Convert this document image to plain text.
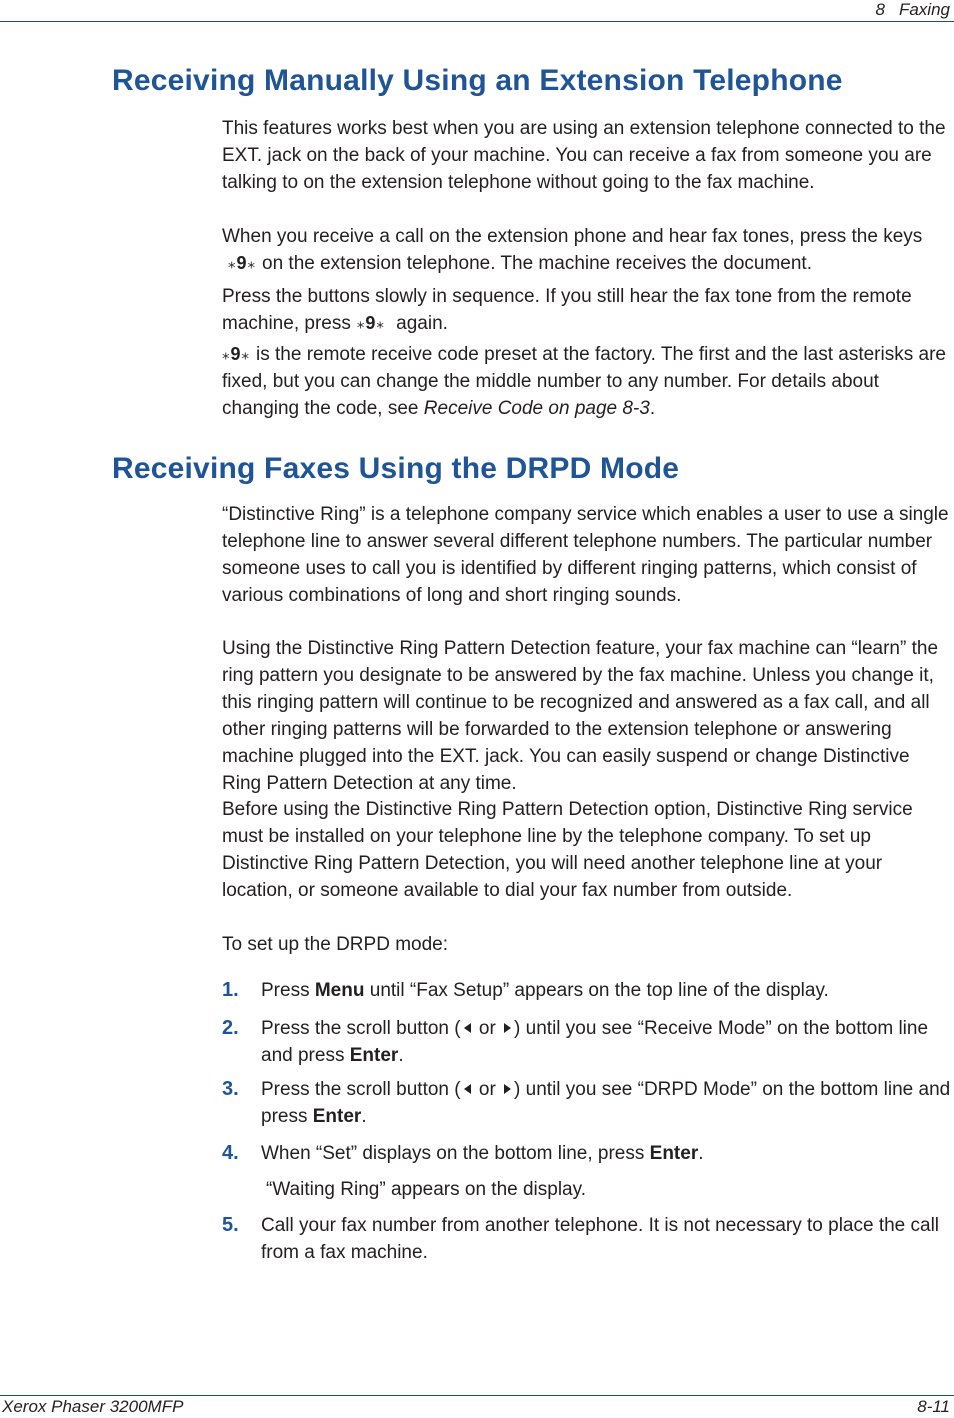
8 Faxing
Receiving Manually Using an Extension Telephone

This features works best when you are using an extension telephone connected to the EXT. jack on the back of your machine. You can receive a fax from someone you are talking to on the extension telephone without going to the fax machine.

When you receive a call on the extension phone and hear fax tones, press the keys⁎9⁎ on the extension telephone. The machine receives the document.

Press the buttons slowly in sequence. If you still hear the fax tone from the remote machine, press ⁎9⁎ again.

⁎9⁎ is the remote receive code preset at the factory. The first and the last asterisks are fixed, but you can change the middle number to any number. For details about changing the code, see Receive Code on page 8-3.

Receiving Faxes Using the DRPD Mode

“Distinctive Ring” is a telephone company service which enables a user to use a single telephone line to answer several different telephone numbers. The particular number someone uses to call you is identified by different ringing patterns, which consist of various combinations of long and short ringing sounds.

Using the Distinctive Ring Pattern Detection feature, your fax machine can “learn” the ring pattern you designate to be answered by the fax machine. Unless you change it, this ringing pattern will continue to be recognized and answered as a fax call, and all other ringing patterns will be forwarded to the extension telephone or answering machine plugged into the EXT. jack. You can easily suspend or change Distinctive Ring Pattern Detection at any time.

Before using the Distinctive Ring Pattern Detection option, Distinctive Ring service must be installed on your telephone line by the telephone company. To set up Distinctive Ring Pattern Detection, you will need another telephone line at your location, or someone available to dial your fax number from outside.

To set up the DRPD mode:

1. Press Menu until “Fax Setup” appears on the top line of the display.
2. Press the scroll button ( or ) until you see “Receive Mode” on the bottom line and press Enter.
3. Press the scroll button ( or ) until you see “DRPD Mode” on the bottom line and press Enter.
4. When “Set” displays on the bottom line, press Enter.
“Waiting Ring” appears on the display.
5. Call your fax number from another telephone. It is not necessary to place the call from a fax machine.
Xerox Phaser 3200MFP	8-11
